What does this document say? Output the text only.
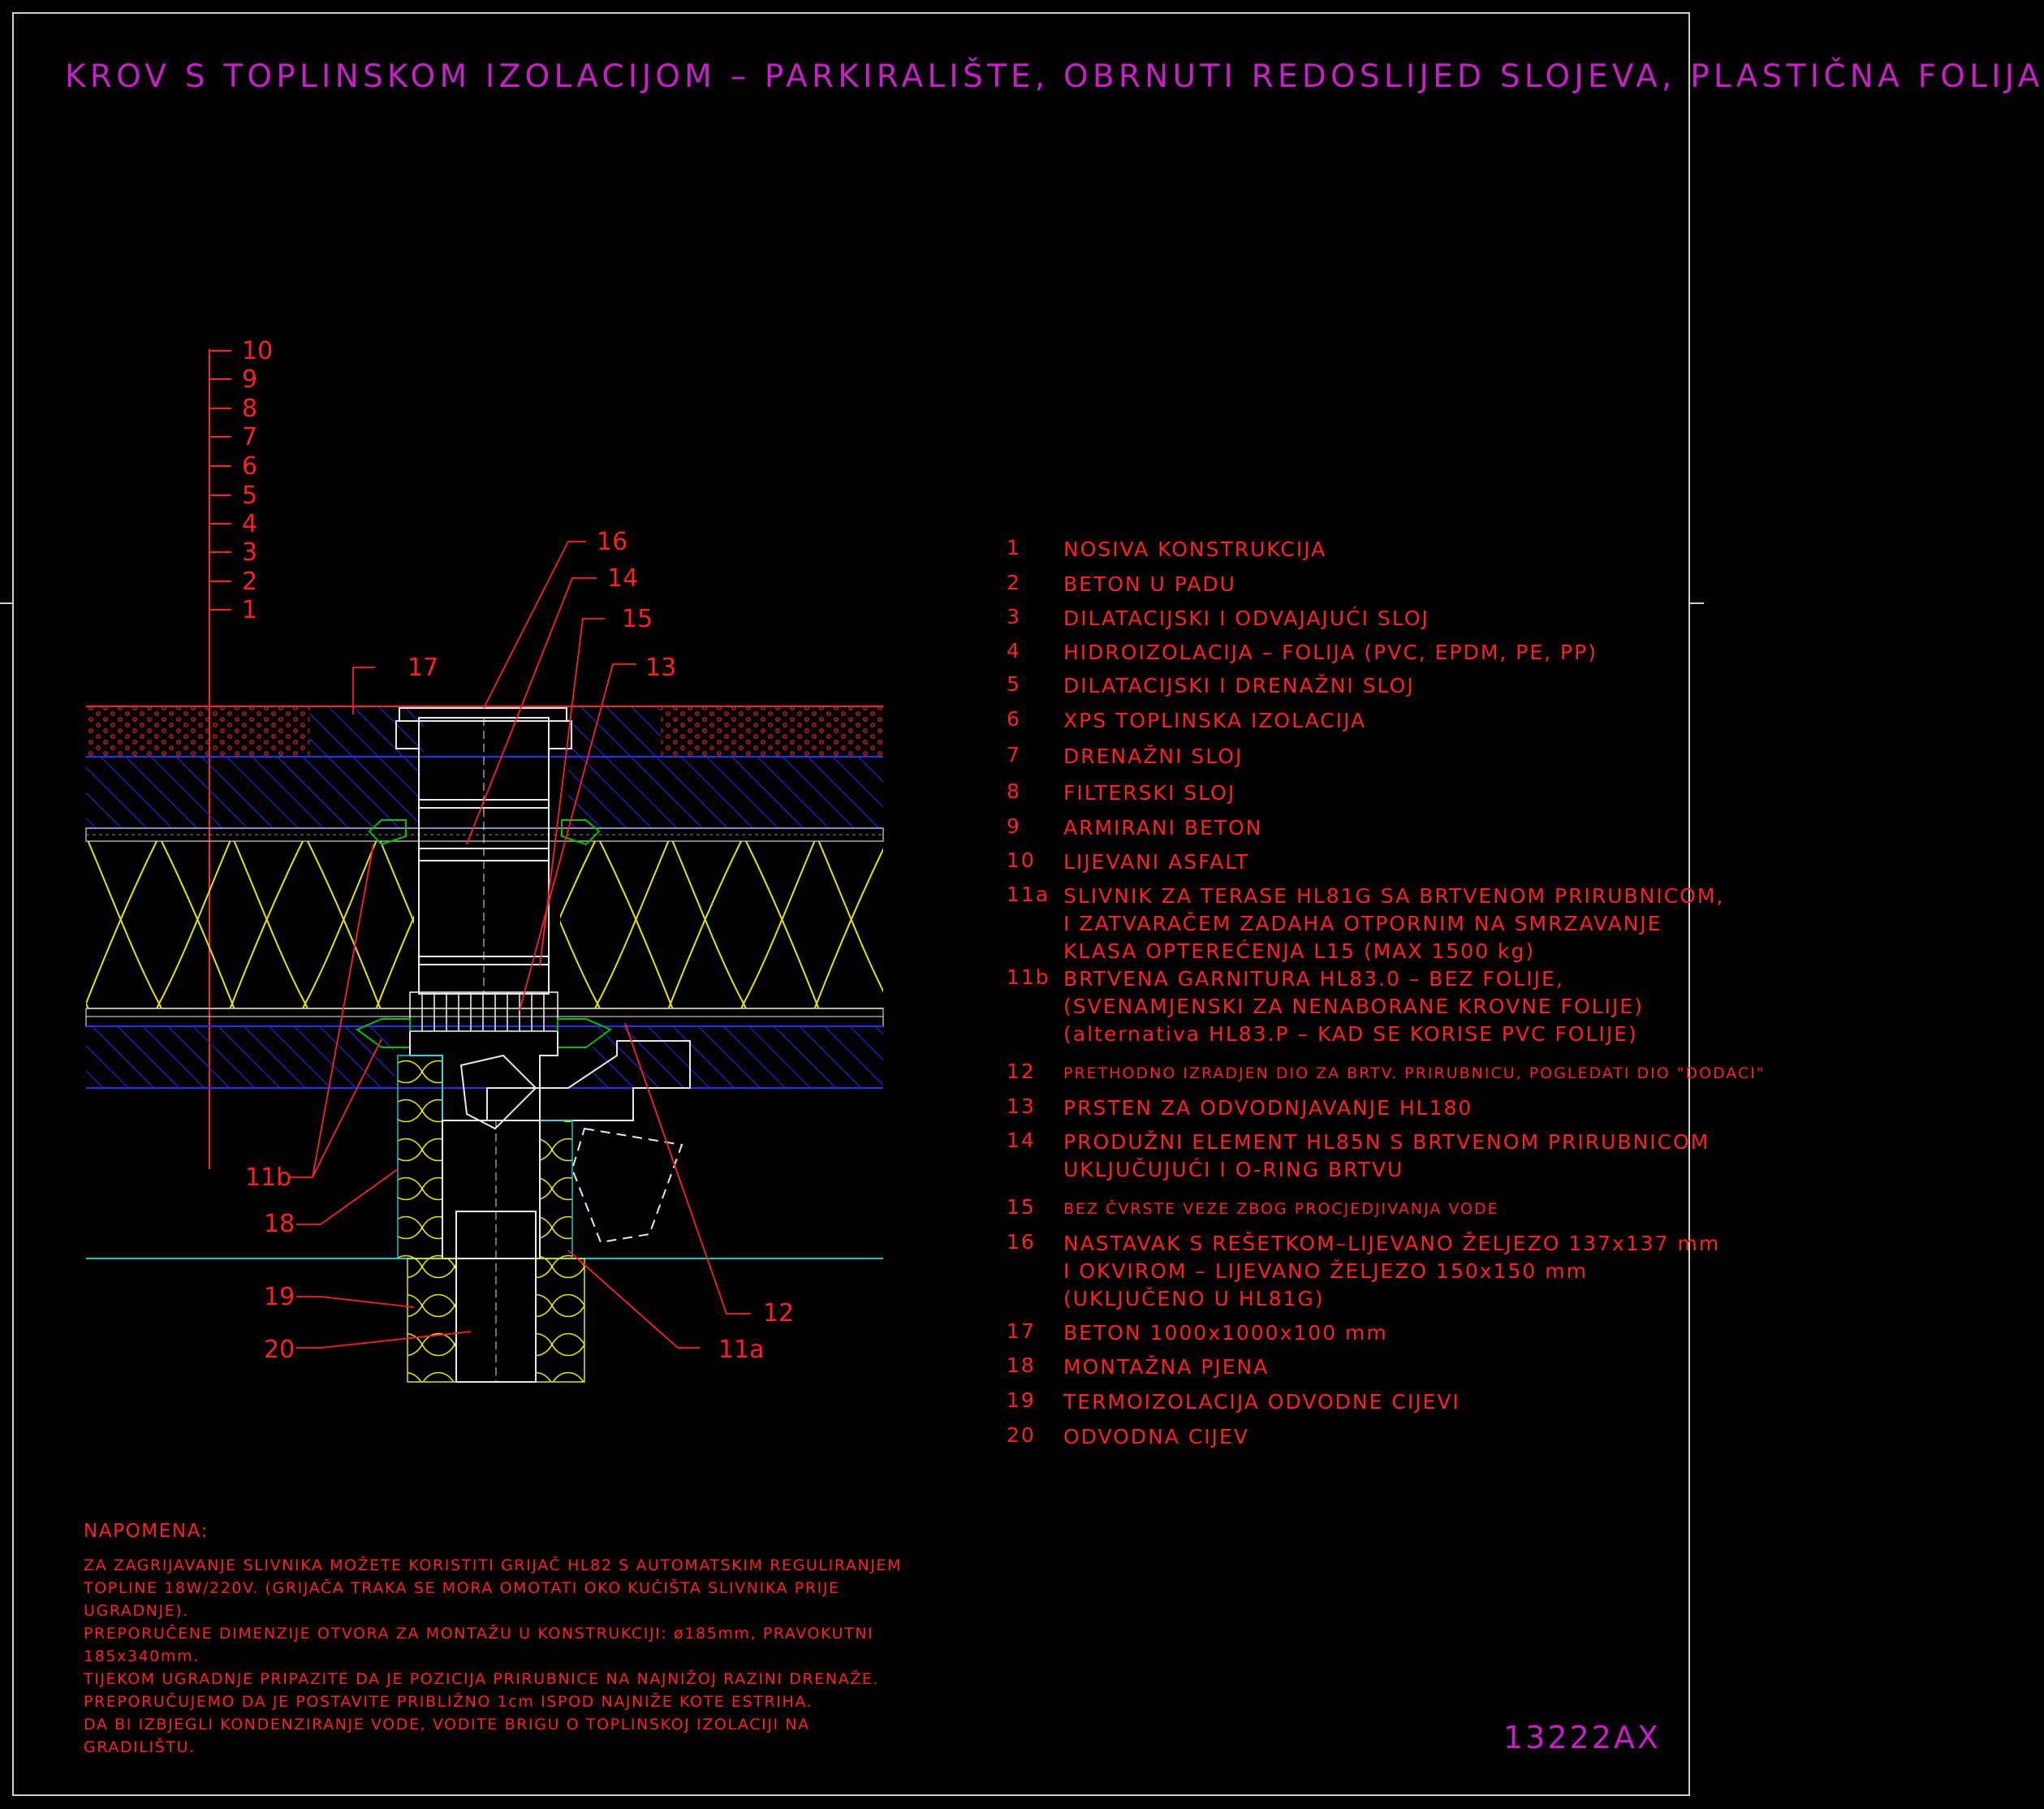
KROV S TOPLINSKOM IZOLACIJOM – PARKIRALIŠTE, OBRNUTI REDOSLIJED SLOJEVA, PLASTIČNA FOLIJA
10
9
8
7
6
5
4
3
2
1
16
14
15
17	13
11b
18
19
20
12
11a
1	NOSIVA KONSTRUKCIJA
2	BETON U PADU
3	DILATACIJSKI I ODVAJAJUĆI SLOJ
4	HIDROIZOLACIJA – FOLIJA (PVC, EPDM, PE, PP)
5	DILATACIJSKI I DRENAŽNI SLOJ
6	XPS TOPLINSKA IZOLACIJA
7	DRENAŽNI SLOJ
8	FILTERSKI SLOJ
9	ARMIRANI BETON
10	LIJEVANI ASFALT
11a SLIVNIK ZA TERASE HL81G SA BRTVENOM PRIRUBNICOM,
I ZATVARAČEM ZADAHA OTPORNIM NA SMRZAVANJE
KLASA OPTEREĆENJA L15 (MAX 1500 kg)
11b BRTVENA GARNITURA HL83.0 – BEZ FOLIJE,
(SVENAMJENSKI ZA NENABORANE KROVNE FOLIJE)
(alternativa HL83.P – KAD SE KORISE PVC FOLIJE)
12	PRETHODNO IZRADJEN DIO ZA BRTV. PRIRUBNICU, POGLEDATI DIO "DODACI"
13	PRSTEN ZA ODVODNJAVANJE HL180
14	PRODUŽNI ELEMENT HL85N S BRTVENOM PRIRUBNICOM
UKLJUČUJUĆI I O-RING BRTVU
15	BEZ ČVRSTE VEZE ZBOG PROCJEDJIVANJA VODE
16	NASTAVAK S REŠETKOM–LIJEVANO ŽELJEZO 137x137 mm
I OKVIROM – LIJEVANO ŽELJEZO 150x150 mm
(UKLJUČENO U HL81G)
17	BETON 1000x1000x100 mm
18	MONTAŽNA PJENA
19	TERMOIZOLACIJA ODVODNE CIJEVI
20	ODVODNA CIJEV
NAPOMENA:
ZA ZAGRIJAVANJE SLIVNIKA MOŽETE KORISTITI GRIJAČ HL82 S AUTOMATSKIM REGULIRANJEM
TOPLINE 18W/220V. (GRIJAČA TRAKA SE MORA OMOTATI OKO KUĆIŠTA SLIVNIKA PRIJE
UGRADNJE).
PREPORUČENE DIMENZIJE OTVORA ZA MONTAŽU U KONSTRUKCIJI: ø185mm, PRAVOKUTNI
185x340mm.
TIJEKOM UGRADNJE PRIPAZITE DA JE POZICIJA PRIRUBNICE NA NAJNIŽOJ RAZINI DRENAŽE.
PREPORUČUJEMO DA JE POSTAVITE PRIBLIŽNO 1cm ISPOD NAJNIŽE KOTE ESTRIHA.
DA BI IZBJEGLI KONDENZIRANJE VODE, VODITE BRIGU O TOPLINSKOJ IZOLACIJI NA
GRADILIŠTU.	13222AX
